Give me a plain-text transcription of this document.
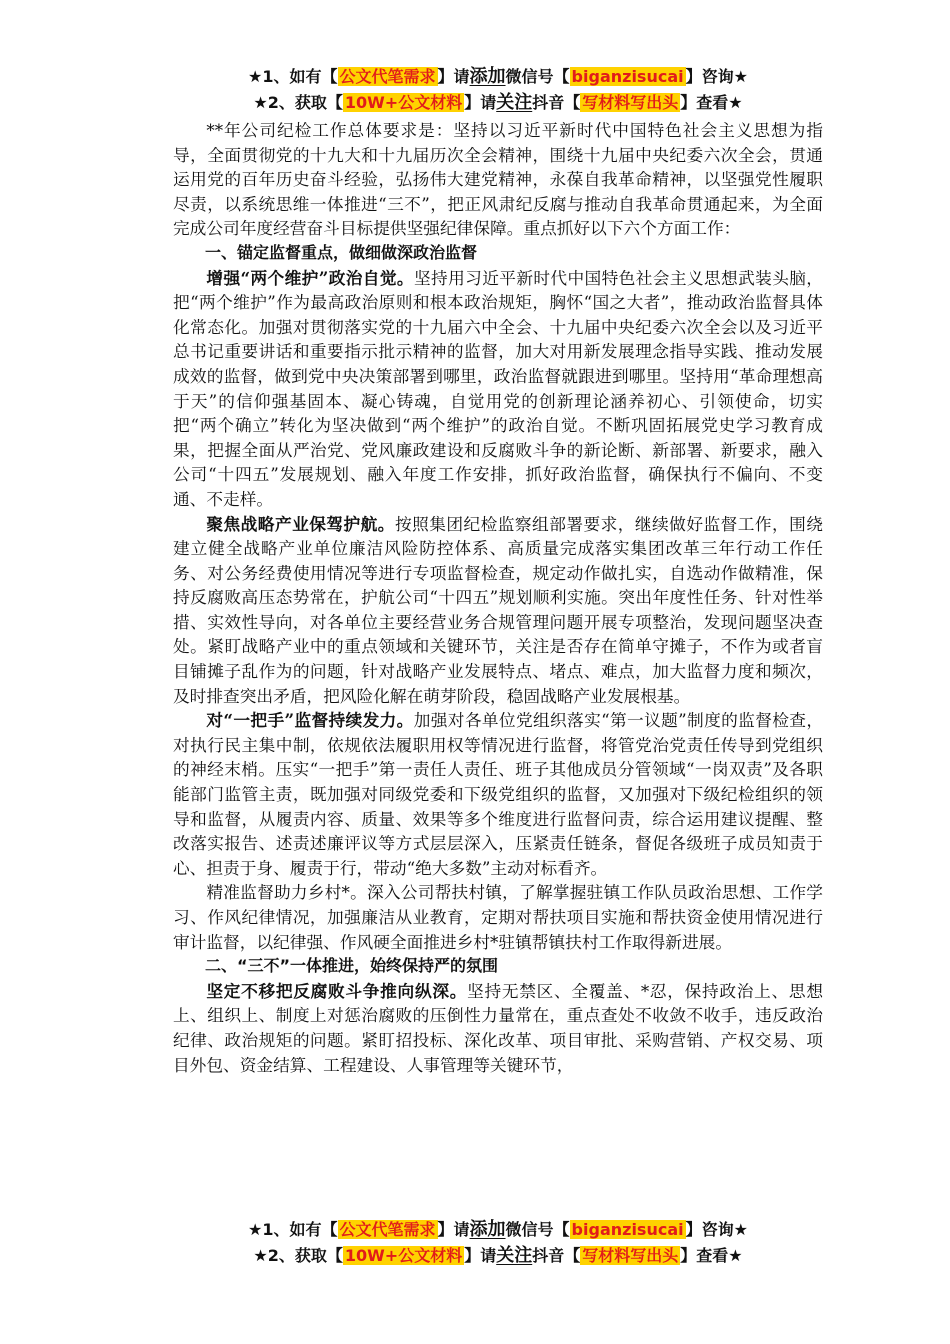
★1、如有【 公文代笔需求 】请添加微信号【 biganzisucai 】咨询★
★2、获取【 10W+公文材料 】请关注抖音【 写材料写出头 】查看★

**年公司纪检工作总体要求是：坚持以习近平新时代中国特色社会主义思想为指导，全面贯彻党的十九大和十九届历次全会精神，围绕十九届中央纪委六次全会，贯通运用党的百年历史奋斗经验，弘扬伟大建党精神，永葆自我革命精神，以坚强党性履职尽责，以系统思维一体推进“三不”，把正风肃纪反腐与推动自我革命贯通起来，为全面完成公司年度经营奋斗目标提供坚强纪律保障。重点抓好以下六个方面工作：

一、锚定监督重点，做细做深政治监督

增强“两个维护”政治自觉。坚持用习近平新时代中国特色社会主义思想武装头脑，把“两个维护”作为最高政治原则和根本政治规矩，胸怀“国之大者”，推动政治监督具体化常态化。加强对贯彻落实党的十九届六中全会、十九届中央纪委六次全会以及习近平总书记重要讲话和重要指示批示精神的监督，加大对用新发展理念指导实践、推动发展成效的监督，做到党中央决策部署到哪里，政治监督就跟进到哪里。坚持用“革命理想高于天”的信仰强基固本、凝心铸魂，自觉用党的创新理论涵养初心、引领使命，切实把“两个确立”转化为坚决做到“两个维护”的政治自觉。不断巩固拓展党史学习教育成果，把握全面从严治党、党风廉政建设和反腐败斗争的新论断、新部署、新要求，融入公司“十四五”发展规划、融入年度工作安排，抓好政治监督，确保执行不偏向、不变通、不走样。

聚焦战略产业保驾护航。按照集团纪检监察组部署要求，继续做好监督工作，围绕建立健全战略产业单位廉洁风险防控体系、高质量完成落实集团改革三年行动工作任务、对公务经费使用情况等进行专项监督检查，规定动作做扎实，自选动作做精准，保持反腐败高压态势常在，护航公司“十四五”规划顺利实施。突出年度性任务、针对性举措、实效性导向，对各单位主要经营业务合规管理问题开展专项整治，发现问题坚决查处。紧盯战略产业中的重点领域和关键环节，关注是否存在简单守摊子，不作为或者盲目铺摊子乱作为的问题，针对战略产业发展特点、堵点、难点，加大监督力度和频次，及时排查突出矛盾，把风险化解在萌芽阶段，稳固战略产业发展根基。

对“一把手”监督持续发力。加强对各单位党组织落实“第一议题”制度的监督检查，对执行民主集中制，依规依法履职用权等情况进行监督，将管党治党责任传导到党组织的神经末梢。压实“一把手”第一责任人责任、班子其他成员分管领域“一岗双责”及各职能部门监管主责，既加强对同级党委和下级党组织的监督，又加强对下级纪检组织的领导和监督，从履责内容、质量、效果等多个维度进行监督问责，综合运用建议提醒、整改落实报告、述责述廉评议等方式层层深入，压紧责任链条，督促各级班子成员知责于心、担责于身、履责于行，带动“绝大多数”主动对标看齐。

精准监督助力乡村*。深入公司帮扶村镇，了解掌握驻镇工作队员政治思想、工作学习、作风纪律情况，加强廉洁从业教育，定期对帮扶项目实施和帮扶资金使用情况进行审计监督，以纪律强、作风硬全面推进乡村*驻镇帮镇扶村工作取得新进展。

二、“三不”一体推进，始终保持严的氛围

坚定不移把反腐败斗争推向纵深。坚持无禁区、全覆盖、*忍，保持政治上、思想上、组织上、制度上对惩治腐败的压倒性力量常在，重点查处不收敛不收手，违反政治纪律、政治规矩的问题。紧盯招投标、深化改革、项目审批、采购营销、产权交易、项目外包、资金结算、工程建设、人事管理等关键环节，

★1、如有【 公文代笔需求 】请添加微信号【 biganzisucai 】咨询★
★2、获取【 10W+公文材料 】请关注抖音【 写材料写出头 】查看★
